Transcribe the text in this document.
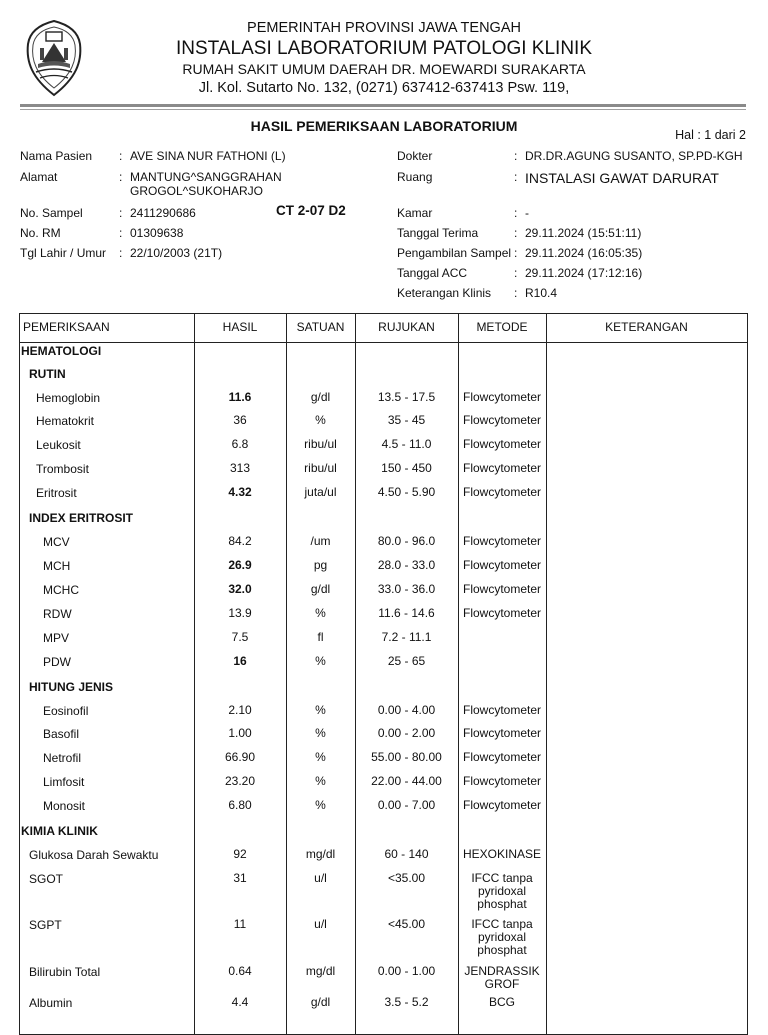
PEMERINTAH PROVINSI JAWA TENGAH
INSTALASI LABORATORIUM PATOLOGI KLINIK
RUMAH SAKIT UMUM DAERAH DR. MOEWARDI SURAKARTA
Jl. Kol. Sutarto No. 132, (0271) 637412-637413 Psw. 119,
HASIL PEMERIKSAAN LABORATORIUM
Hal : 1 dari 2
Nama Pasien : AVE SINA NUR FATHONI (L)
Alamat	: MANTUNG^SANGGRAHAN
GROGOL^SUKOHARJO
No. Sampel	: 2411290686
No. RM	: 01309638
Tgl Lahir / Umur : 22/10/2003 (21T)
CT 2-07 D2
Dokter	: DR.DR.AGUNG SUSANTO, SP.PD-KGH
Ruang	: INSTALASI GAWAT DARURAT
Kamar	: -
Tanggal Terima	: 29.11.2024 (15:51:11)
Pengambilan Sampel : 29.11.2024 (16:05:35)
Tanggal ACC	: 29.11.2024 (17:12:16)
Keterangan Klinis : R10.4
PEMERIKSAAN	HASIL	SATUAN	RUJUKAN	METODE	KETERANGAN
HEMATOLOGI
RUTIN
Hemoglobin	11.6	g/dl	13.5 - 17.5	Flowcytometer
Hematokrit	36	%	35 - 45	Flowcytometer
Leukosit	6.8	ribu/ul	4.5 - 11.0	Flowcytometer
Trombosit	313	ribu/ul	150 - 450	Flowcytometer
Eritrosit	4.32	juta/ul	4.50 - 5.90	Flowcytometer
INDEX ERITROSIT
MCV	84.2	/um	80.0 - 96.0	Flowcytometer
MCH	26.9	pg	28.0 - 33.0	Flowcytometer
MCHC	32.0	g/dl	33.0 - 36.0	Flowcytometer
RDW	13.9	%	11.6 - 14.6	Flowcytometer
MPV	7.5	fl	7.2 - 11.1
PDW	16	%	25 - 65
HITUNG JENIS
Eosinofil	2.10	%	0.00 - 4.00	Flowcytometer
Basofil	1.00	%	0.00 - 2.00	Flowcytometer
Netrofil	66.90	%	55.00 - 80.00	Flowcytometer
Limfosit	23.20	%	22.00 - 44.00	Flowcytometer
Monosit	6.80	%	0.00 - 7.00	Flowcytometer
KIMIA KLINIK
Glukosa Darah Sewaktu	92	mg/dl	60 - 140	HEXOKINASE
SGOT	31	u/l	<35.00	IFCC tanpa pyridoxal phosphat
SGPT	11	u/l	<45.00	IFCC tanpa pyridoxal phosphat
Bilirubin Total	0.64	mg/dl	0.00 - 1.00	JENDRASSIK GROF
Albumin	4.4	g/dl	3.5 - 5.2	BCG
